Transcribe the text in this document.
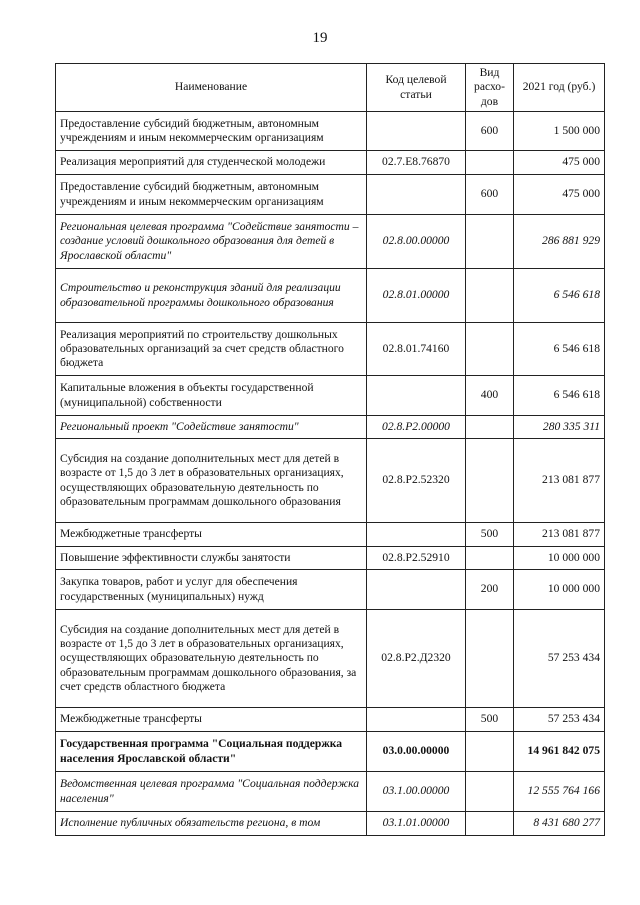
19
Наименование	Код целевой статьи	Вид расхо-дов	2021 год (руб.)
Предоставление субсидий бюджетным, автономным учреждениям и иным некоммерческим организациям		600	1 500 000
Реализация мероприятий для студенческой молодежи	02.7.Е8.76870		475 000
Предоставление субсидий бюджетным, автономным учреждениям и иным некоммерческим организациям		600	475 000
Региональная целевая программа "Содействие занятости – создание условий дошкольного образования для детей в Ярославской области"	02.8.00.00000		286 881 929
Строительство и реконструкция зданий для реализации образовательной программы дошкольного образования	02.8.01.00000		6 546 618
Реализация мероприятий по строительству дошкольных образовательных организаций за счет средств областного бюджета	02.8.01.74160		6 546 618
Капитальные вложения в объекты государственной (муниципальной) собственности		400	6 546 618
Региональный проект "Содействие занятости"	02.8.Р2.00000		280 335 311
Субсидия на создание дополнительных мест для детей в возрасте от 1,5 до 3 лет в образовательных организациях, осуществляющих образовательную деятельность по образовательным программам дошкольного образования	02.8.Р2.52320		213 081 877
Межбюджетные трансферты		500	213 081 877
Повышение эффективности службы занятости	02.8.Р2.52910		10 000 000
Закупка товаров, работ и услуг для обеспечения государственных (муниципальных) нужд		200	10 000 000
Субсидия на создание дополнительных мест для детей в возрасте от 1,5 до 3 лет в образовательных организациях, осуществляющих образовательную деятельность по образовательным программам дошкольного образования, за счет средств областного бюджета	02.8.Р2.Д2320		57 253 434
Межбюджетные трансферты		500	57 253 434
Государственная программа "Социальная поддержка населения Ярославской области"	03.0.00.00000		14 961 842 075
Ведомственная целевая программа "Социальная поддержка населения"	03.1.00.00000		12 555 764 166
Исполнение публичных обязательств региона, в том	03.1.01.00000		8 431 680 277
